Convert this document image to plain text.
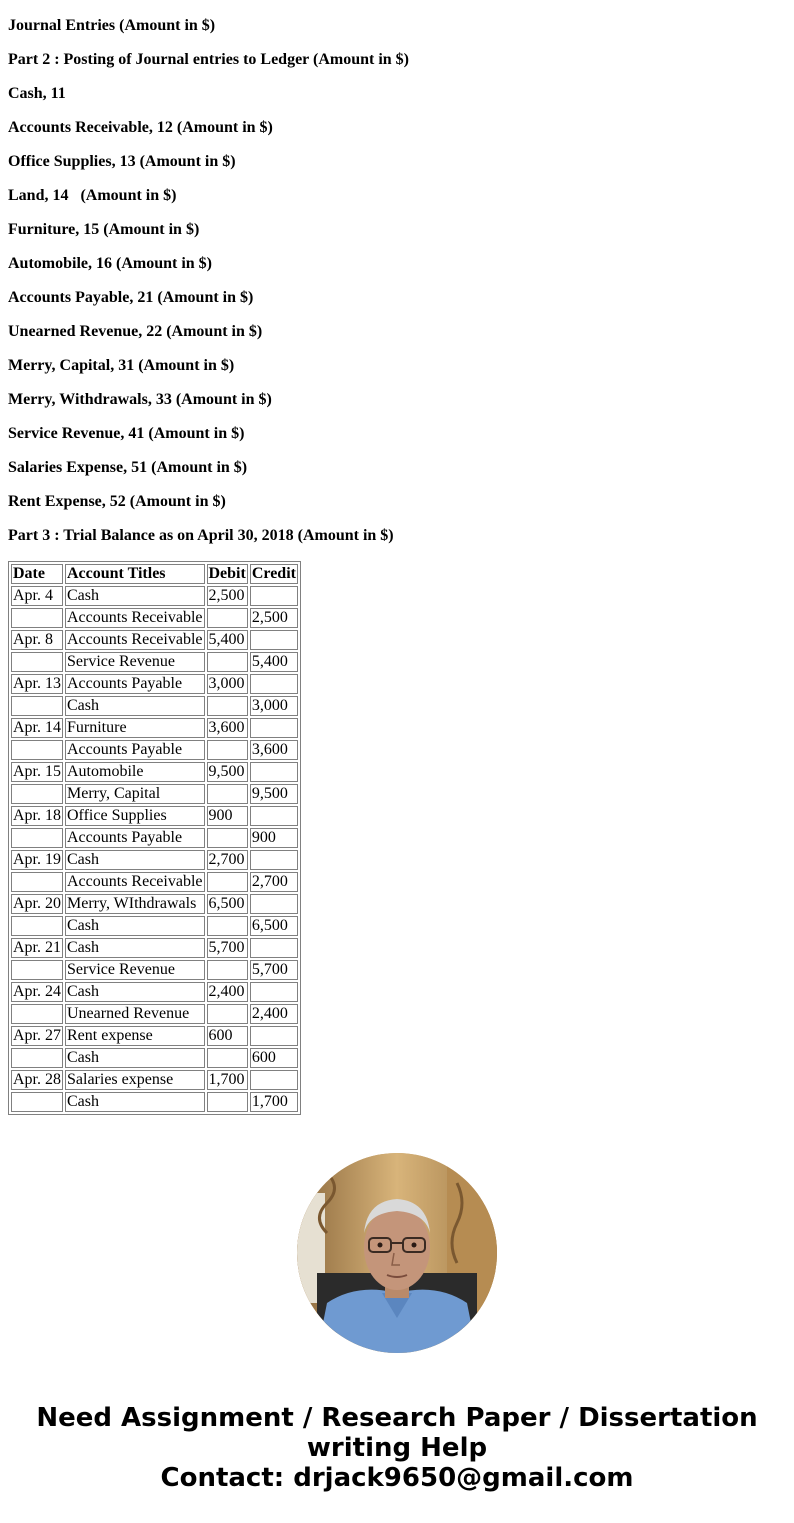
Journal Entries (Amount in $)

Part 2 : Posting of Journal entries to Ledger (Amount in $)

Cash, 11

Accounts Receivable, 12 (Amount in $)

Office Supplies, 13 (Amount in $)

Land, 14   (Amount in $)

Furniture, 15 (Amount in $)

Automobile, 16 (Amount in $)

Accounts Payable, 21 (Amount in $)

Unearned Revenue, 22 (Amount in $)

Merry, Capital, 31 (Amount in $)

Merry, Withdrawals, 33 (Amount in $)

Service Revenue, 41 (Amount in $)

Salaries Expense, 51 (Amount in $)

Rent Expense, 52 (Amount in $)

Part 3 : Trial Balance as on April 30, 2018 (Amount in $)

Date	Account Titles	Debit	Credit
Apr. 4	Cash	2,500	
	Accounts Receivable		2,500
Apr. 8	Accounts Receivable	5,400	
	Service Revenue		5,400
Apr. 13	Accounts Payable	3,000	
	Cash		3,000
Apr. 14	Furniture	3,600	
	Accounts Payable		3,600
Apr. 15	Automobile	9,500	
	Merry, Capital		9,500
Apr. 18	Office Supplies	900	
	Accounts Payable		900
Apr. 19	Cash	2,700	
	Accounts Receivable		2,700
Apr. 20	Merry, WIthdrawals	6,500	
	Cash		6,500
Apr. 21	Cash	5,700	
	Service Revenue		5,700
Apr. 24	Cash	2,400	
	Unearned Revenue		2,400
Apr. 27	Rent expense	600	
	Cash		600
Apr. 28	Salaries expense	1,700	
	Cash		1,700
Need Assignment / Research Paper / Dissertation
writing Help
Contact: drjack9650@gmail.com
